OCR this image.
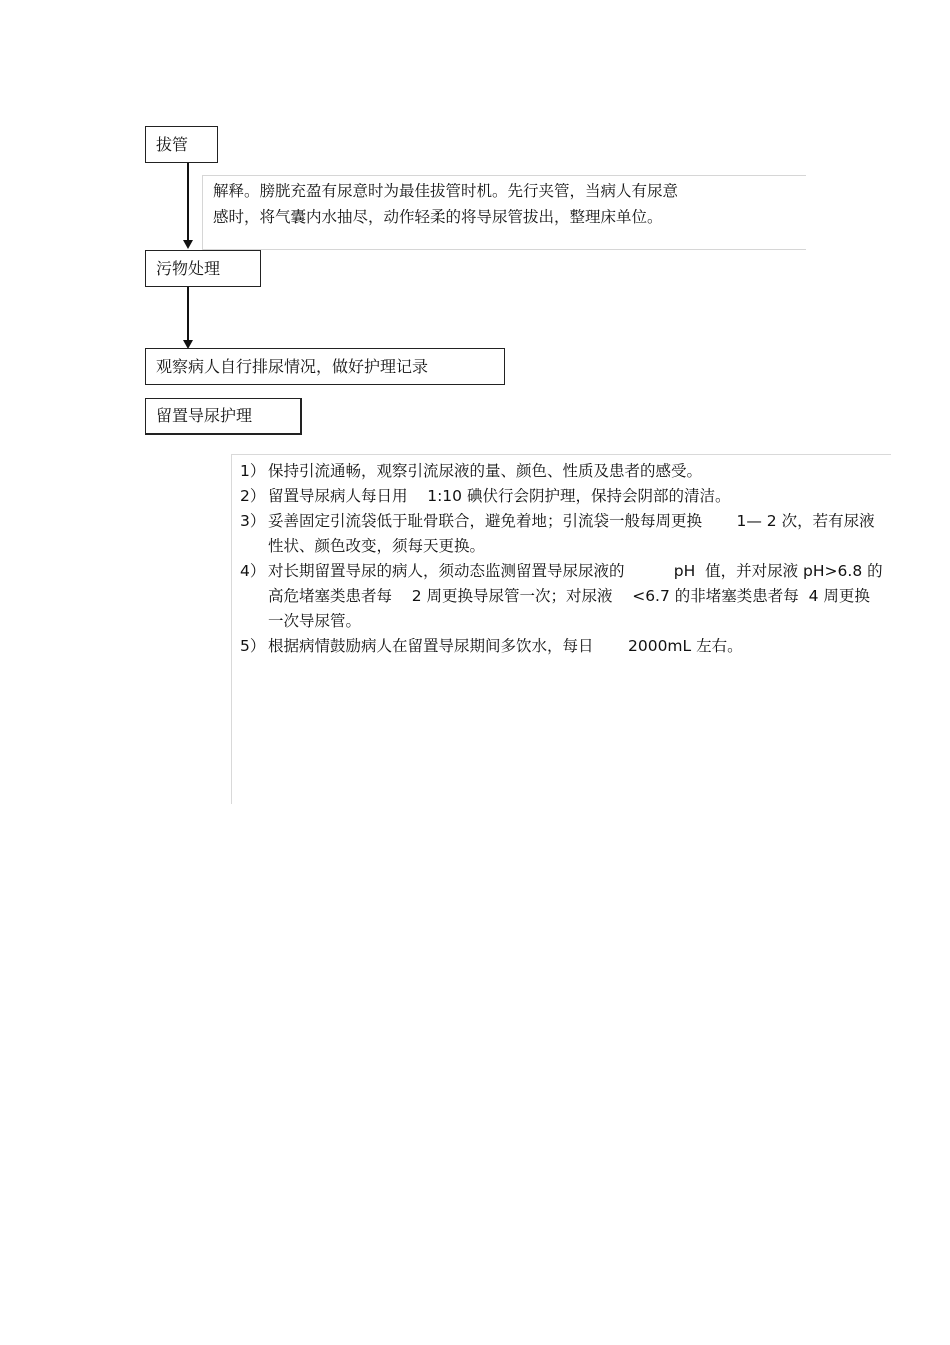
拔管

解释。膀胱充盈有尿意时为最佳拔管时机。先行夹管，当病人有尿意

感时，将气囊内水抽尽，动作轻柔的将导尿管拔出，整理床单位。

污物处理
观察病人自行排尿情况，做好护理记录
留置导尿护理
1） 保持引流通畅，观察引流尿液的量、颜色、性质及患者的感受。
2） 留置导尿病人每日用    1:10 碘伏行会阴护理，保持会阴部的清洁。
3） 妥善固定引流袋低于耻骨联合，避免着地；引流袋一般每周更换       1— 2 次，若有尿液性状、颜色改变，须每天更换。
4） 对长期留置导尿的病人，须动态监测留置导尿尿液的          pH  值，并对尿液 pH>6.8 的高危堵塞类患者每    2 周更换导尿管一次；对尿液    <6.7 的非堵塞类患者每  4 周更换一次导尿管。
5） 根据病情鼓励病人在留置导尿期间多饮水，每日       2000mL 左右。
